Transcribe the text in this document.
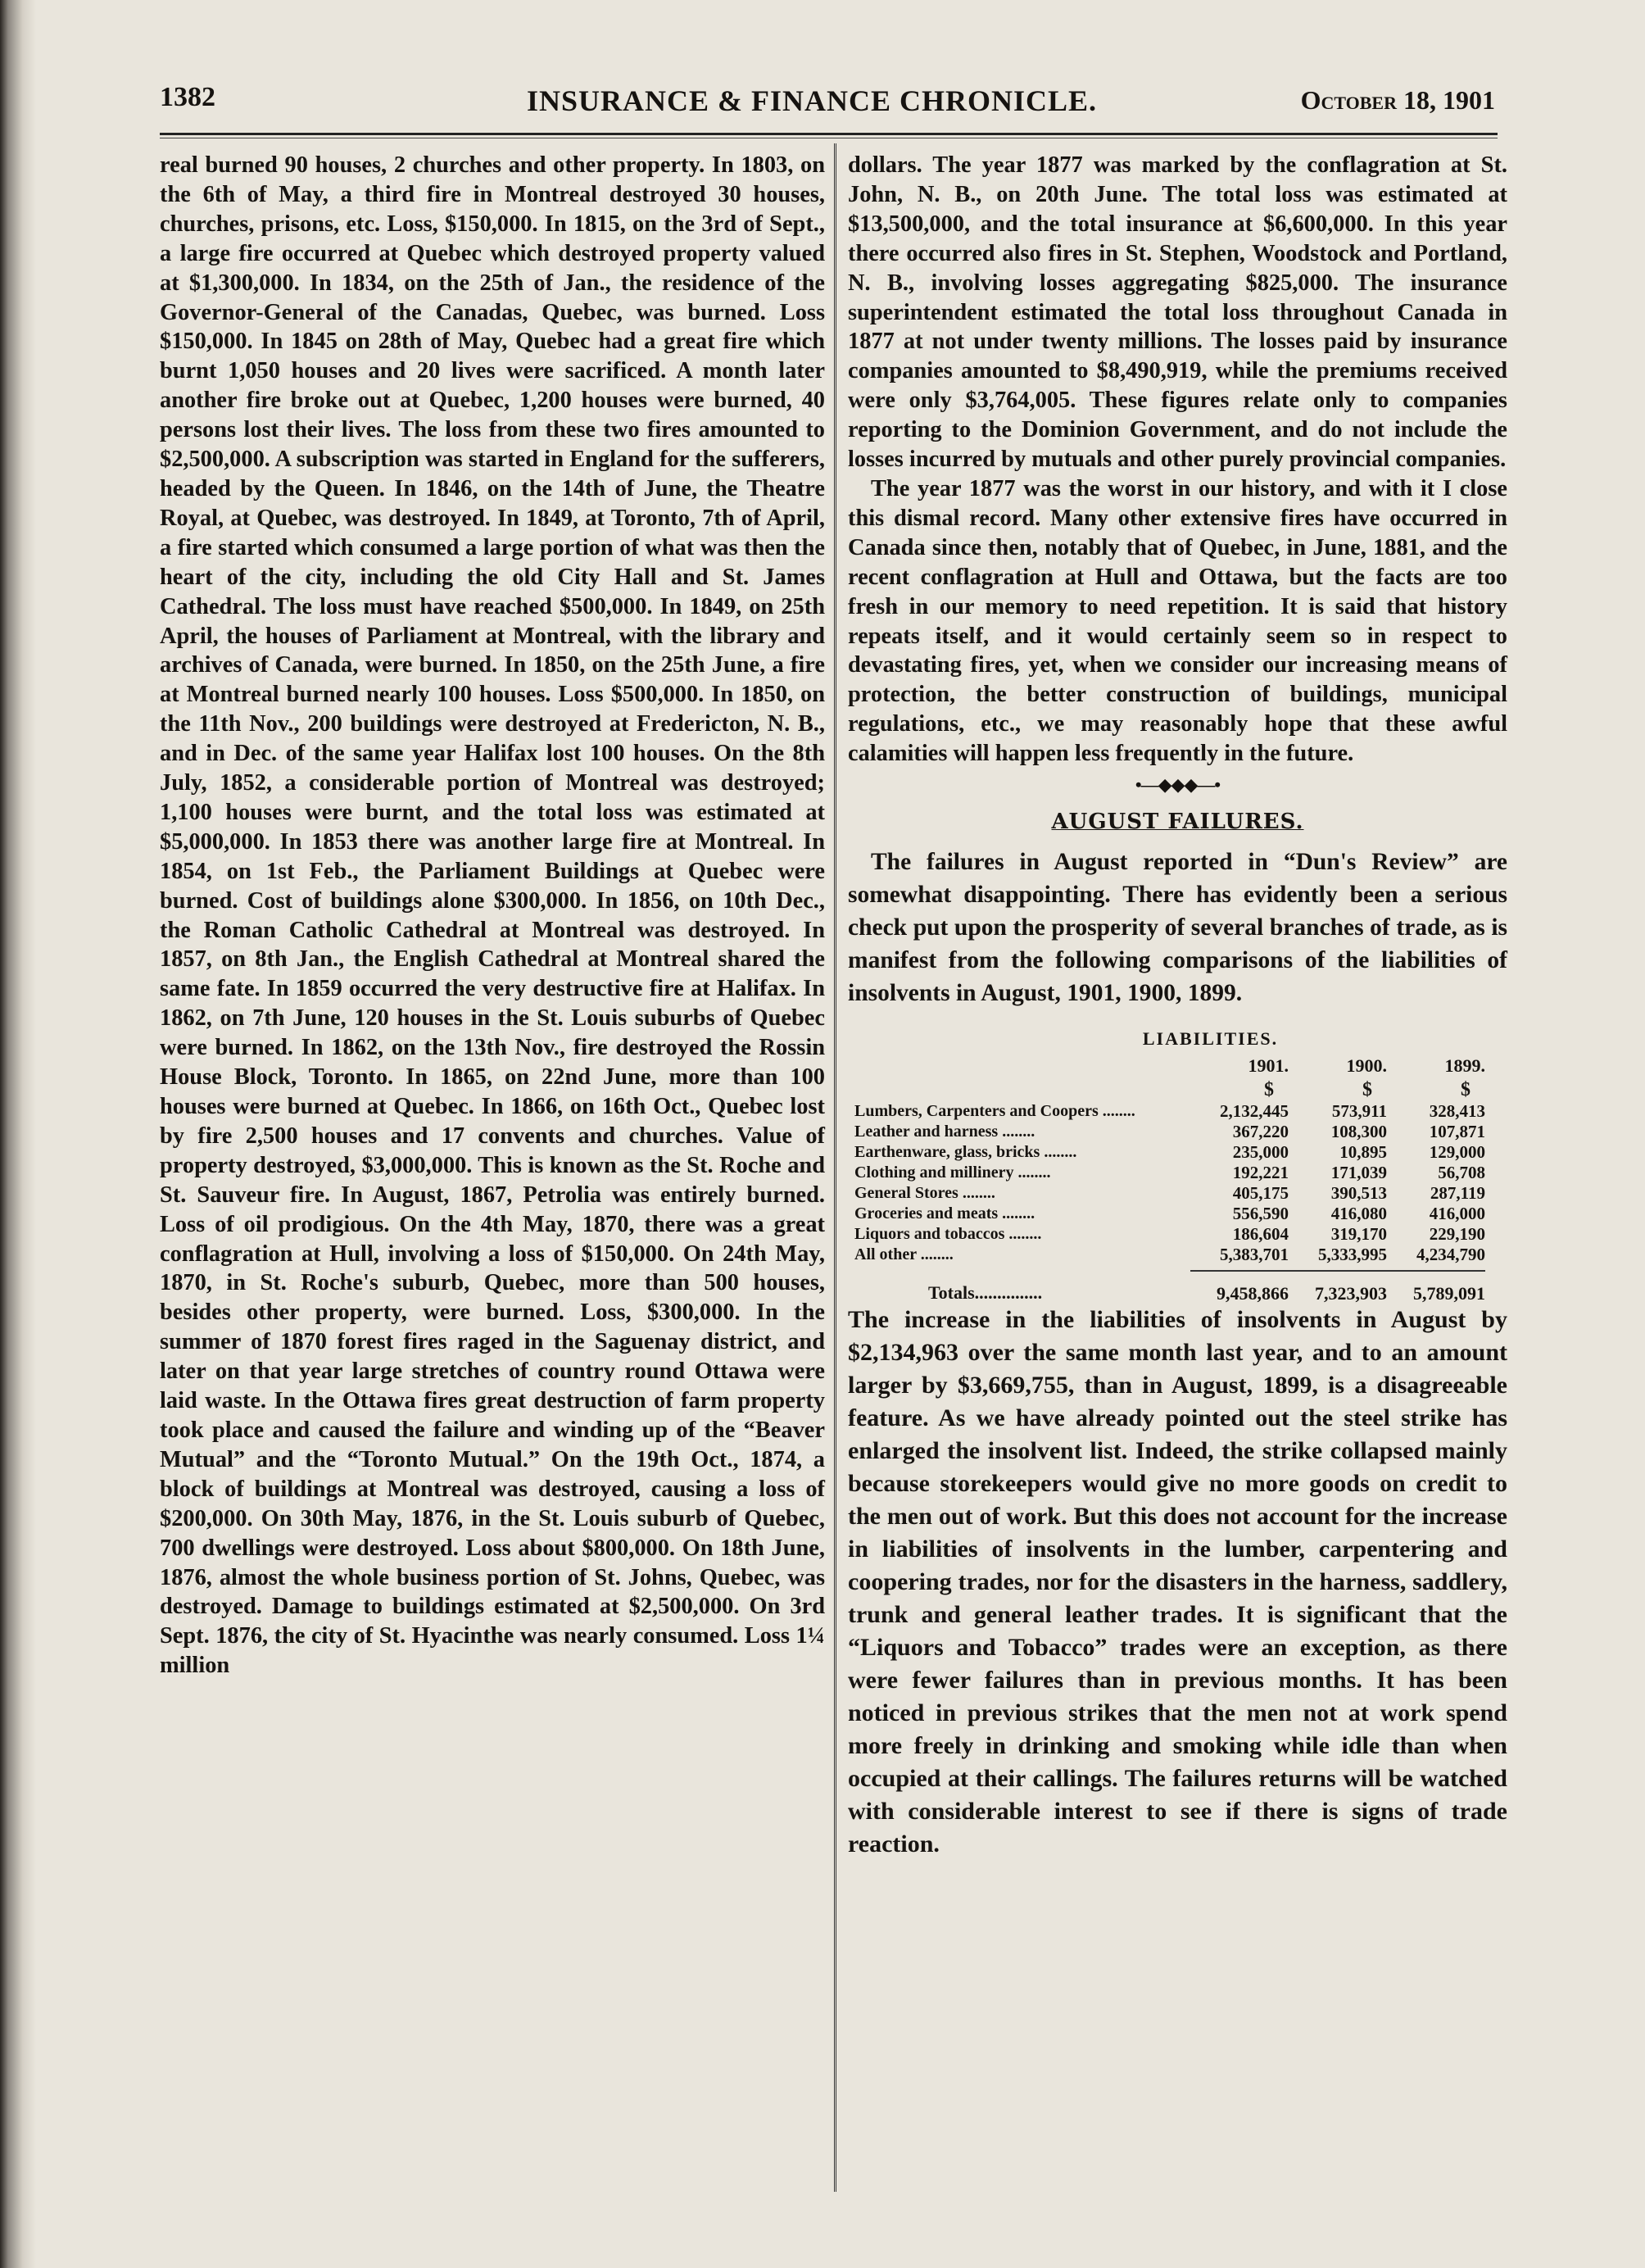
1382	INSURANCE & FINANCE CHRONICLE.	October 18, 1901

real burned 90 houses, 2 churches and other property. In 1803, on the 6th of May, a third fire in Montreal destroyed 30 houses, churches, prisons, etc. Loss, $150,000. In 1815, on the 3rd of Sept., a large fire occurred at Quebec which destroyed property valued at $1,300,000. In 1834, on the 25th of Jan., the residence of the Governor-General of the Canadas, Quebec, was burned. Loss $150,000. In 1845 on 28th of May, Quebec had a great fire which burnt 1,050 houses and 20 lives were sacrificed. A month later another fire broke out at Quebec, 1,200 houses were burned, 40 persons lost their lives. The loss from these two fires amounted to $2,500,000. A subscription was started in England for the sufferers, headed by the Queen. In 1846, on the 14th of June, the Theatre Royal, at Quebec, was destroyed. In 1849, at Toronto, 7th of April, a fire started which consumed a large portion of what was then the heart of the city, including the old City Hall and St. James Cathedral. The loss must have reached $500,000. In 1849, on 25th April, the houses of Parliament at Montreal, with the library and archives of Canada, were burned. In 1850, on the 25th June, a fire at Montreal burned nearly 100 houses. Loss $500,000. In 1850, on the 11th Nov., 200 buildings were destroyed at Fredericton, N. B., and in Dec. of the same year Halifax lost 100 houses. On the 8th July, 1852, a considerable portion of Montreal was destroyed; 1,100 houses were burnt, and the total loss was estimated at $5,000,000. In 1853 there was another large fire at Montreal. In 1854, on 1st Feb., the Parliament Buildings at Quebec were burned. Cost of buildings alone $300,000. In 1856, on 10th Dec., the Roman Catholic Cathedral at Montreal was destroyed. In 1857, on 8th Jan., the English Cathedral at Montreal shared the same fate. In 1859 occurred the very destructive fire at Halifax. In 1862, on 7th June, 120 houses in the St. Louis suburbs of Quebec were burned. In 1862, on the 13th Nov., fire destroyed the Rossin House Block, Toronto. In 1865, on 22nd June, more than 100 houses were burned at Quebec. In 1866, on 16th Oct., Quebec lost by fire 2,500 houses and 17 convents and churches. Value of property destroyed, $3,000,000. This is known as the St. Roche and St. Sauveur fire. In August, 1867, Petrolia was entirely burned. Loss of oil prodigious. On the 4th May, 1870, there was a great conflagration at Hull, involving a loss of $150,000. On 24th May, 1870, in St. Roche's suburb, Quebec, more than 500 houses, besides other property, were burned. Loss, $300,000. In the summer of 1870 forest fires raged in the Saguenay district, and later on that year large stretches of country round Ottawa were laid waste. In the Ottawa fires great destruction of farm property took place and caused the failure and winding up of the “Beaver Mutual” and the “Toronto Mutual.” On the 19th Oct., 1874, a block of buildings at Montreal was destroyed, causing a loss of $200,000. On 30th May, 1876, in the St. Louis suburb of Quebec, 700 dwellings were destroyed. Loss about $800,000. On 18th June, 1876, almost the whole business portion of St. Johns, Quebec, was destroyed. Damage to buildings estimated at $2,500,000. On 3rd Sept. 1876, the city of St. Hyacinthe was nearly consumed. Loss 1¼ million

dollars. The year 1877 was marked by the conflagration at St. John, N. B., on 20th June. The total loss was estimated at $13,500,000, and the total insurance at $6,600,000. In this year there occurred also fires in St. Stephen, Woodstock and Portland, N. B., involving losses aggregating $825,000. The insurance superintendent estimated the total loss throughout Canada in 1877 at not under twenty millions. The losses paid by insurance companies amounted to $8,490,919, while the premiums received were only $3,764,005. These figures relate only to companies reporting to the Dominion Government, and do not include the losses incurred by mutuals and other purely provincial companies.

The year 1877 was the worst in our history, and with it I close this dismal record. Many other extensive fires have occurred in Canada since then, notably that of Quebec, in June, 1881, and the recent conflagration at Hull and Ottawa, but the facts are too fresh in our memory to need repetition. It is said that history repeats itself, and it would certainly seem so in respect to devastating fires, yet, when we consider our increasing means of protection, the better construction of buildings, municipal regulations, etc., we may reasonably hope that these awful calamities will happen less frequently in the future.

•—◆◆◆—•
AUGUST FAILURES.

The failures in August reported in “Dun's Review” are somewhat disappointing. There has evidently been a serious check put upon the prosperity of several branches of trade, as is manifest from the following comparisons of the liabilities of insolvents in August, 1901, 1900, 1899.

LIABILITIES.
	1901.	1900.	1899.
	$	$	$
Lumbers, Carpenters and Coopers ........	2,132,445	573,911	328,413
Leather and harness ........	367,220	108,300	107,871
Earthenware, glass, bricks ........	235,000	10,895	129,000
Clothing and millinery ........	192,221	171,039	56,708
General Stores ........	405,175	390,513	287,119
Groceries and meats ........	556,590	416,080	416,000
Liquors and tobaccos ........	186,604	319,170	229,190
All other ........	5,383,701	5,333,995	4,234,790

Totals...............	9,458,866	7,323,903	5,789,091

The increase in the liabilities of insolvents in August by $2,134,963 over the same month last year, and to an amount larger by $3,669,755, than in August, 1899, is a disagreeable feature. As we have already pointed out the steel strike has enlarged the insolvent list. Indeed, the strike collapsed mainly because storekeepers would give no more goods on credit to the men out of work. But this does not account for the increase in liabilities of insolvents in the lumber, carpentering and coopering trades, nor for the disasters in the harness, saddlery, trunk and general leather trades. It is significant that the “Liquors and Tobacco” trades were an exception, as there were fewer failures than in previous months. It has been noticed in previous strikes that the men not at work spend more freely in drinking and smoking while idle than when occupied at their callings. The failures returns will be watched with considerable interest to see if there is signs of trade reaction.
